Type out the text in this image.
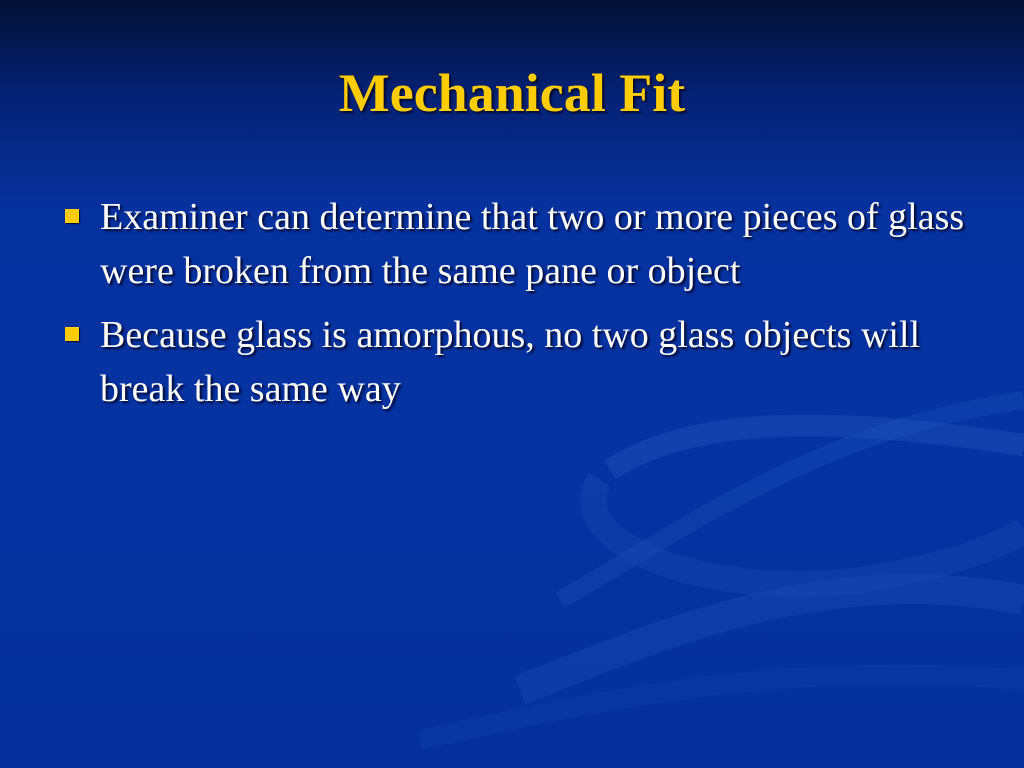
Mechanical Fit
Examiner can determine that two or more pieces of glass were broken from the same pane or object
Because glass is amorphous, no two glass objects will break the same way
